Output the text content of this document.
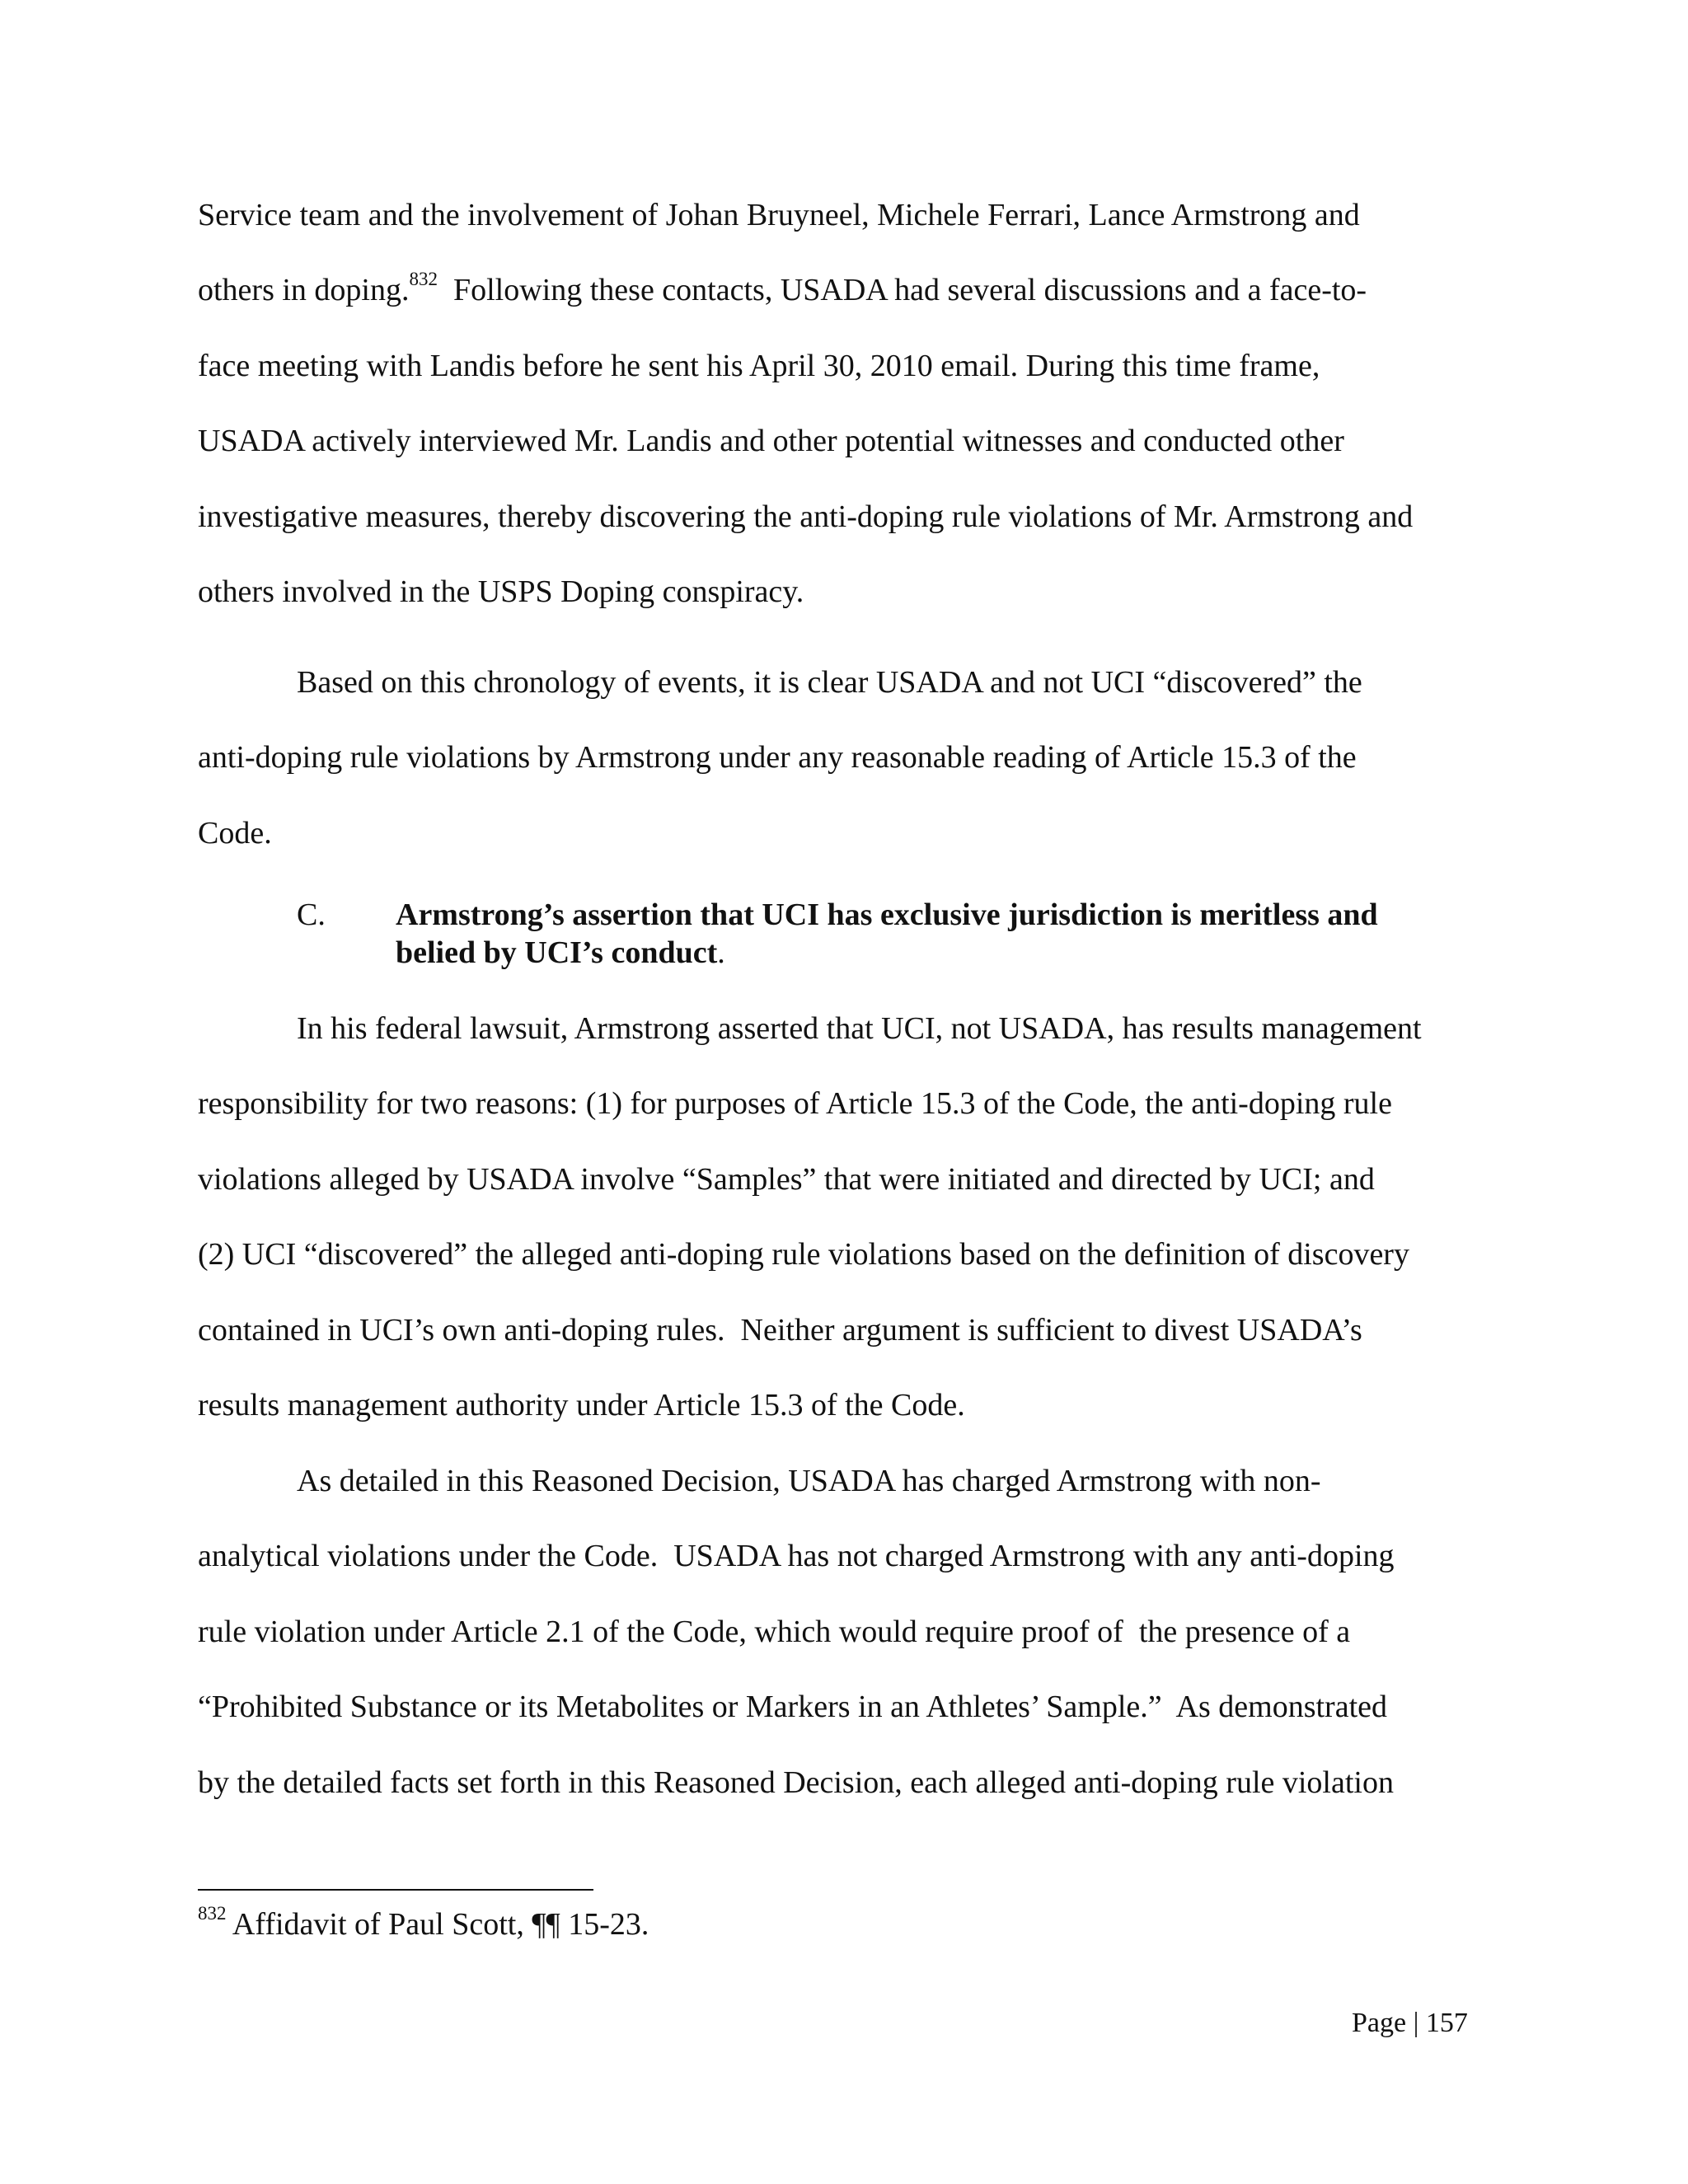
Service team and the involvement of Johan Bruyneel, Michele Ferrari, Lance Armstrong and

others in doping.$^{832}$  Following these contacts, USADA had several discussions and a face-to-

face meeting with Landis before he sent his April 30, 2010 email. During this time frame,

USADA actively interviewed Mr. Landis and other potential witnesses and conducted other

investigative measures, thereby discovering the anti-doping rule violations of Mr. Armstrong and

others involved in the USPS Doping conspiracy.

Based on this chronology of events, it is clear USADA and not UCI “discovered” the

anti-doping rule violations by Armstrong under any reasonable reading of Article 15.3 of the

Code.

C. Armstrong’s assertion that UCI has exclusive jurisdiction is meritless and
belied by UCI’s conduct.

In his federal lawsuit, Armstrong asserted that UCI, not USADA, has results management

responsibility for two reasons: (1) for purposes of Article 15.3 of the Code, the anti-doping rule

violations alleged by USADA involve “Samples” that were initiated and directed by UCI; and

(2) UCI “discovered” the alleged anti-doping rule violations based on the definition of discovery

contained in UCI’s own anti-doping rules.  Neither argument is sufficient to divest USADA’s

results management authority under Article 15.3 of the Code.

As detailed in this Reasoned Decision, USADA has charged Armstrong with non-

analytical violations under the Code.  USADA has not charged Armstrong with any anti-doping

rule violation under Article 2.1 of the Code, which would require proof of  the presence of a

“Prohibited Substance or its Metabolites or Markers in an Athletes’ Sample.”  As demonstrated

by the detailed facts set forth in this Reasoned Decision, each alleged anti-doping rule violation

$^{832}$ Affidavit of Paul Scott, ¶¶ 15-23.
Page | 157
